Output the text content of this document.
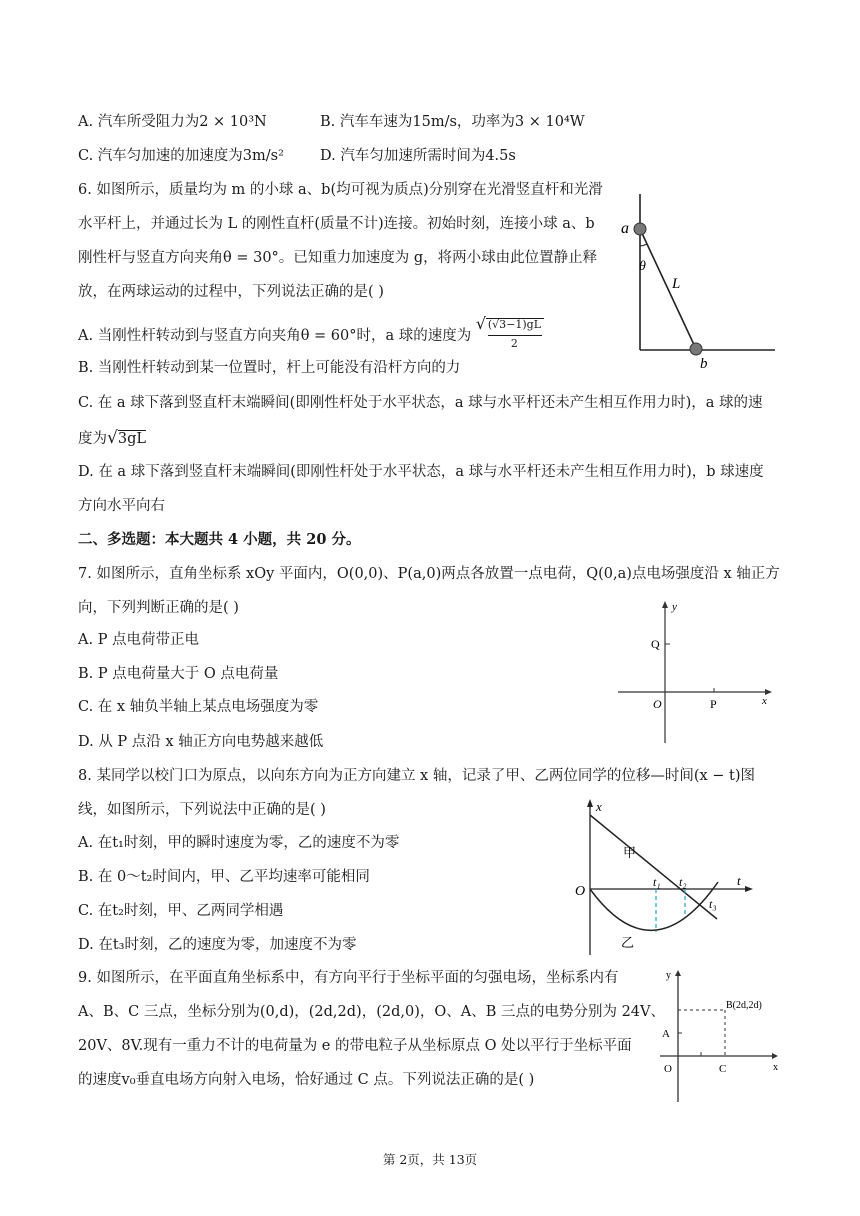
A. 汽车所受阻力为2 × 10³N	B. 汽车车速为15m/s，功率为3 × 10⁴W
C. 汽车匀加速的加速度为3m/s² D. 汽车匀加速所需时间为4.5s
6. 如图所示，质量均为 m 的小球 a、b(均可视为质点)分别穿在光滑竖直杆和光滑
水平杆上，并通过长为 L 的刚性直杆(质量不计)连接。初始时刻，连接小球 a、b
刚性杆与竖直方向夹角θ = 30°。已知重力加速度为 g，将两小球由此位置静止释
放，在两球运动的过程中，下列说法正确的是( )
A. 当刚性杆转动到与竖直方向夹角θ = 60°时，a 球的速度为
√ (√3−1)gL
2
B. 当刚性杆转动到某一位置时，杆上可能没有沿杆方向的力
C. 在 a 球下落到竖直杆末端瞬间(即刚性杆处于水平状态，a 球与水平杆还未产生相互作用力时)，a 球的速
度为√3gL
D. 在 a 球下落到竖直杆末端瞬间(即刚性杆处于水平状态，a 球与水平杆还未产生相互作用力时)，b 球速度
方向水平向右
a
θ
L
b
二、多选题：本大题共 4 小题，共 20 分。
7. 如图所示，直角坐标系 xOy 平面内，O(0,0)、P(a,0)两点各放置一点电荷，Q(0,a)点电场强度沿 x 轴正方
向，下列判断正确的是( )
A. P 点电荷带正电
B. P 点电荷量大于 O 点电荷量
C. 在 x 轴负半轴上某点电场强度为零
D. 从 P 点沿 x 轴正方向电势越来越低
y
Q
O	P	x
8. 某同学以校门口为原点，以向东方向为正方向建立 x 轴，记录了甲、乙两位同学的位移—时间(x − t)图
线，如图所示，下列说法中正确的是( )
A. 在t₁时刻，甲的瞬时速度为零，乙的速度不为零
B. 在 0～t₂时间内，甲、乙平均速率可能相同
C. 在t₂时刻，甲、乙两同学相遇
D. 在t₃时刻，乙的速度为零，加速度不为零
x
甲
O
t₁ t₂	t
t₃
乙
9. 如图所示，在平面直角坐标系中，有方向平行于坐标平面的匀强电场，坐标系内有
A、B、C 三点，坐标分别为(0,d)，(2d,2d)，(2d,0)，O、A、B 三点的电势分别为 24V、
20V、8V.现有一重力不计的电荷量为 e 的带电粒子从坐标原点 O 处以平行于坐标平面
的速度v₀垂直电场方向射入电场，恰好通过 C 点。下列说法正确的是( )
y
B(2d,2d)
A
O	C	x
第 2页，共 13页
